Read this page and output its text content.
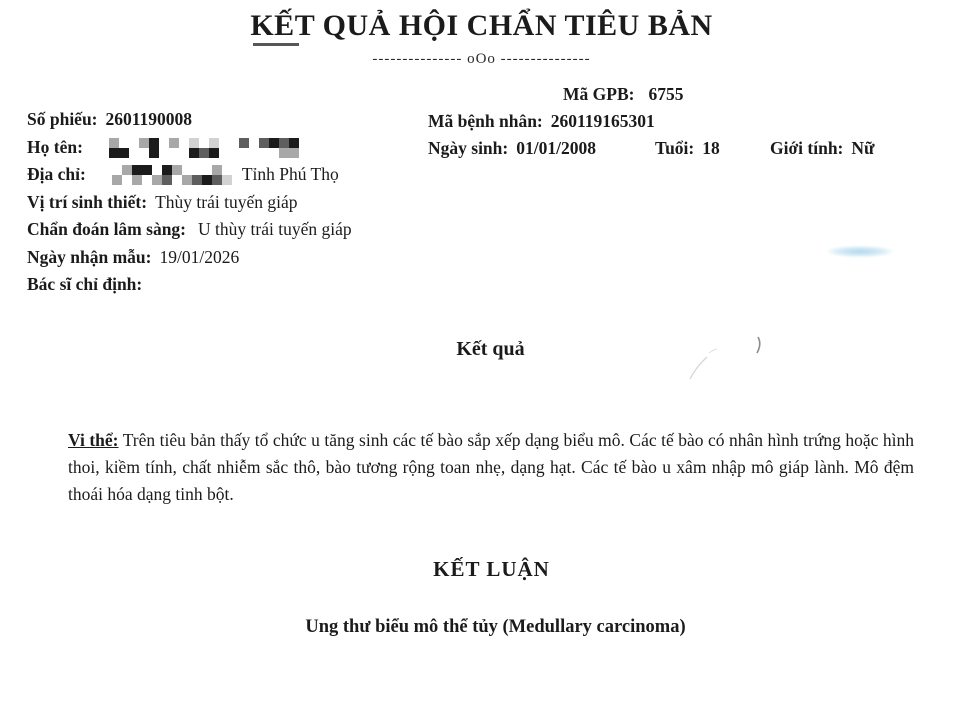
KẾT QUẢ HỘI CHẨN TIÊU BẢN
--------------- oOo ---------------
Mã GPB: 6755
Mã bệnh nhân: 260119165301
Ngày sinh: 01/01/2008	Tuổi: 18	Giới tính: Nữ
Số phiếu: 2601190008
Họ tên:
Địa chỉ:	Tỉnh Phú Thọ
Vị trí sinh thiết: Thùy trái tuyến giáp
Chẩn đoán lâm sàng: U thùy trái tuyến giáp
Ngày nhận mẫu: 19/01/2026
Bác sĩ chỉ định:
Kết quả
Vi thể: Trên tiêu bản thấy tổ chức u tăng sinh các tế bào sắp xếp dạng biểu mô. Các tế bào có nhân hình trứng hoặc hình thoi, kiềm tính, chất nhiễm sắc thô, bào tương rộng toan nhẹ, dạng hạt. Các tế bào u xâm nhập mô giáp lành. Mô đệm thoái hóa dạng tinh bột.
KẾT LUẬN
Ung thư biểu mô thể tủy (Medullary carcinoma)
